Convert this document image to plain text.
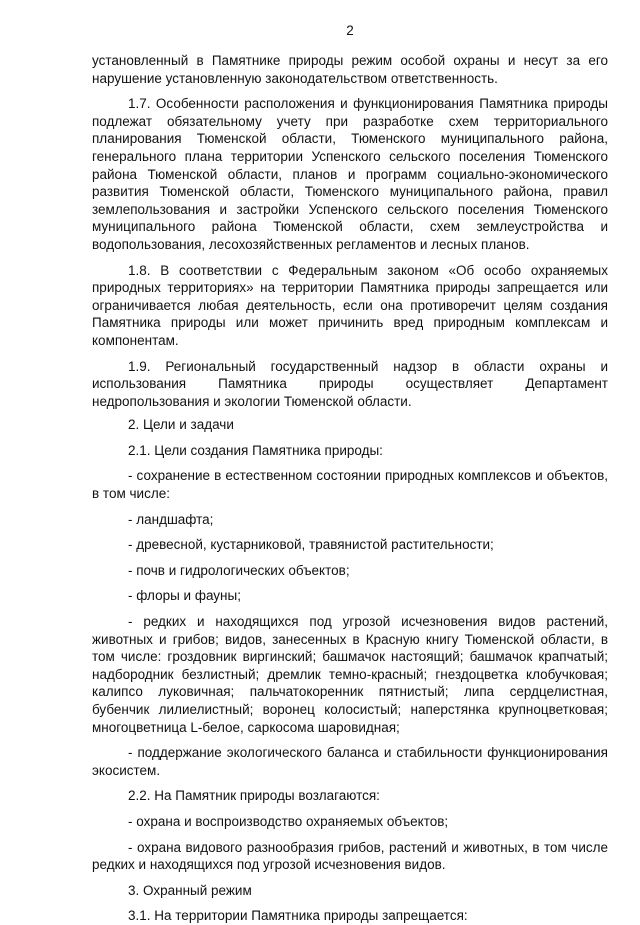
2

установленный в Памятнике природы режим особой охраны и несут за его нарушение установленную законодательством ответственность.

1.7. Особенности расположения и функционирования Памятника природы подлежат обязательному учету при разработке схем территориального планирования Тюменской области, Тюменского муниципального района, генерального плана территории Успенского сельского поселения Тюменского района Тюменской области, планов и программ социально-экономического развития Тюменской области, Тюменского муниципального района, правил землепользования и застройки Успенского сельского поселения Тюменского муниципального района Тюменской области, схем землеустройства и водопользования, лесохозяйственных регламентов и лесных планов.

1.8. В соответствии с Федеральным законом «Об особо охраняемых природных территориях» на территории Памятника природы запрещается или ограничивается любая деятельность, если она противоречит целям создания Памятника природы или может причинить вред природным комплексам и компонентам.

1.9. Региональный государственный надзор в области охраны и использования Памятника природы осуществляет Департамент недропользования и экологии Тюменской области.

2. Цели и задачи

2.1. Цели создания Памятника природы:

- сохранение в естественном состоянии природных комплексов и объектов, в том числе:

- ландшафта;

- древесной, кустарниковой, травянистой растительности;

- почв и гидрологических объектов;

- флоры и фауны;

- редких и находящихся под угрозой исчезновения видов растений, животных и грибов; видов, занесенных в Красную книгу Тюменской области, в том числе: гроздовник виргинский; башмачок настоящий; башмачок крапчатый; надбородник безлистный; дремлик темно-красный; гнездоцветка клобучковая; калипсо луковичная; пальчатокоренник пятнистый; липа сердцелистная, бубенчик лилиелистный; воронец колосистый; наперстянка крупноцветковая; многоцветница L-белое, саркосома шаровидная;

- поддержание экологического баланса и стабильности функционирования экосистем.

2.2. На Памятник природы возлагаются:

- охрана и воспроизводство охраняемых объектов;

- охрана видового разнообразия грибов, растений и животных, в том числе редких и находящихся под угрозой исчезновения видов.

3. Охранный режим

3.1. На территории Памятника природы запрещается:
